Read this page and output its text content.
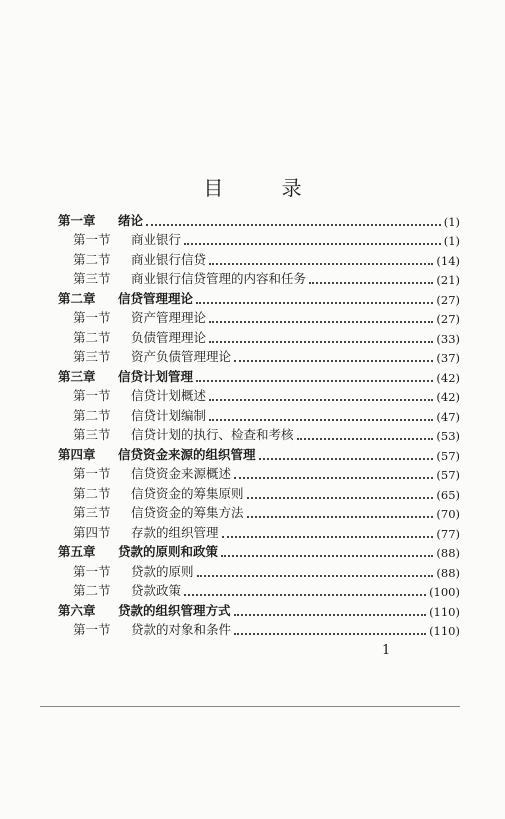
目 录
第一章	绪论	(1)
第一节	商业银行	(1)
第二节	商业银行信贷	(14)
第三节	商业银行信贷管理的内容和任务	(21)
第二章	信贷管理理论	(27)
第一节	资产管理理论	(27)
第二节	负债管理理论	(33)
第三节	资产负债管理理论	(37)
第三章	信贷计划管理	(42)
第一节	信贷计划概述	(42)
第二节	信贷计划编制	(47)
第三节	信贷计划的执行、检查和考核	(53)
第四章	信贷资金来源的组织管理	(57)
第一节	信贷资金来源概述	(57)
第二节	信贷资金的筹集原则	(65)
第三节	信贷资金的筹集方法	(70)
第四节	存款的组织管理	(77)
第五章	贷款的原则和政策	(88)
第一节	贷款的原则	(88)
第二节	贷款政策	(100)
第六章	贷款的组织管理方式	(110)
第一节	贷款的对象和条件	(110)
1
